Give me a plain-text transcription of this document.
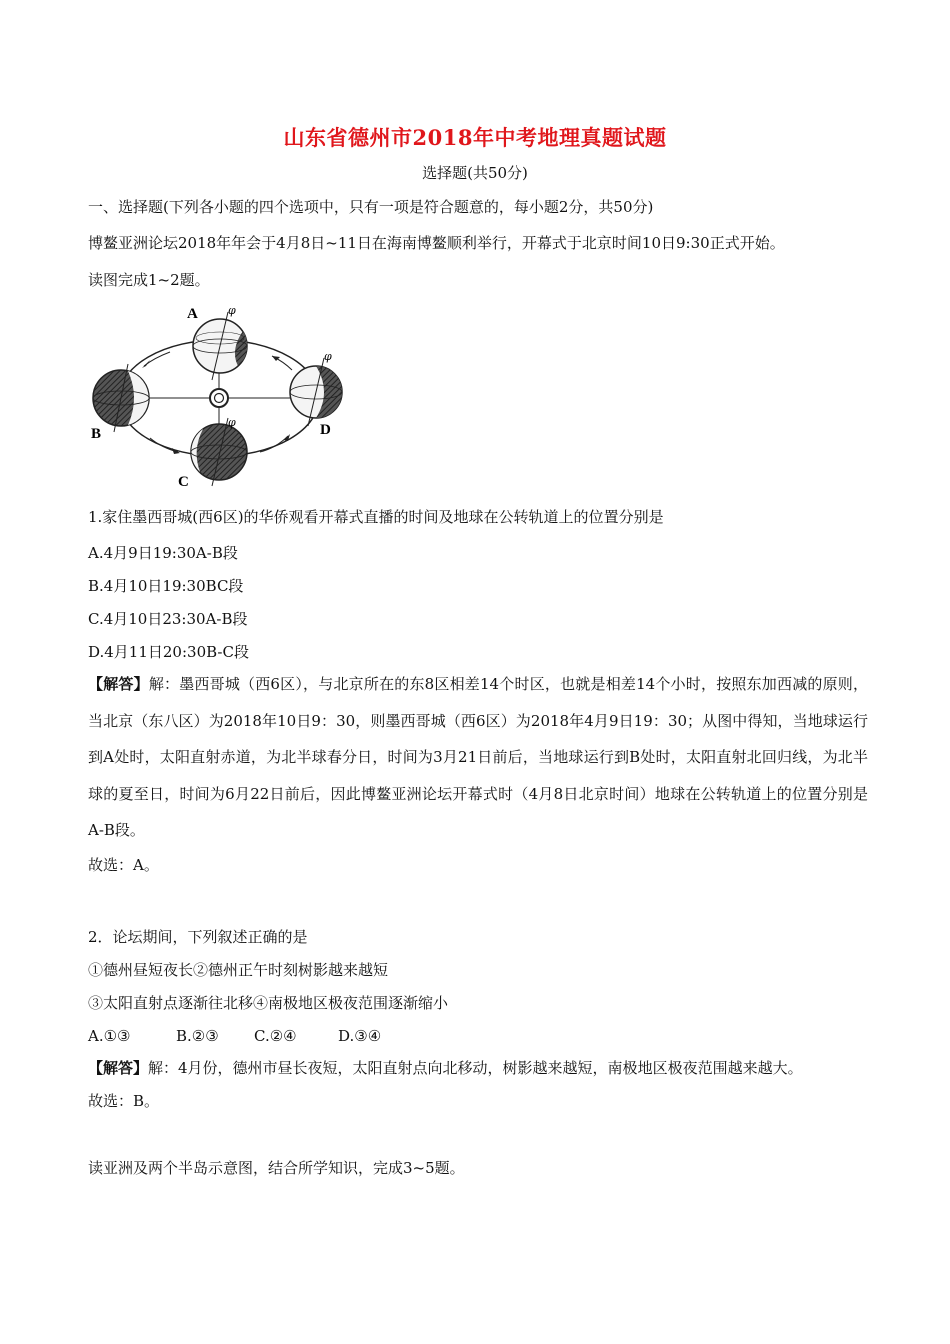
山东省德州市2018年中考地理真题试题
选择题(共50分)
一、选择题(下列各小题的四个选项中，只有一项是符合题意的，每小题2分，共50分)
博鳌亚洲论坛2018年年会于4月8日~11日在海南博鳌顺利举行，开幕式于北京时间10日9:30正式开始。
读图完成1~2题。
φ
A
B
φ
C
φ
D
1.家住墨西哥城(西6区)的华侨观看开幕式直播的时间及地球在公转轨道上的位置分别是
A.4月9日19:30A-B段
B.4月10日19:30BC段
C.4月10日23:30A-B段
D.4月11日20:30B-C段
【解答】解：墨西哥城（西6区），与北京所在的东8区相差14个时区，也就是相差14个小时，按照东加西减的原则，当北京（东八区）为2018年10日9：30，则墨西哥城（西6区）为2018年4月9日19：30；从图中得知，当地球运行到A处时，太阳直射赤道，为北半球春分日，时间为3月21日前后，当地球运行到B处时，太阳直射北回归线，为北半球的夏至日，时间为6月22日前后，因此博鳌亚洲论坛开幕式时（4月8日北京时间）地球在公转轨道上的位置分别是A-B段。
故选：A。
2．论坛期间，下列叙述正确的是
①德州昼短夜长②德州正午时刻树影越来越短
③太阳直射点逐渐往北移④南极地区极夜范围逐渐缩小
A.①③	B.②③ C.②④	D.③④
【解答】解：4月份，德州市昼长夜短，太阳直射点向北移动，树影越来越短，南极地区极夜范围越来越大。
故选：B。
读亚洲及两个半岛示意图，结合所学知识，完成3~5题。
